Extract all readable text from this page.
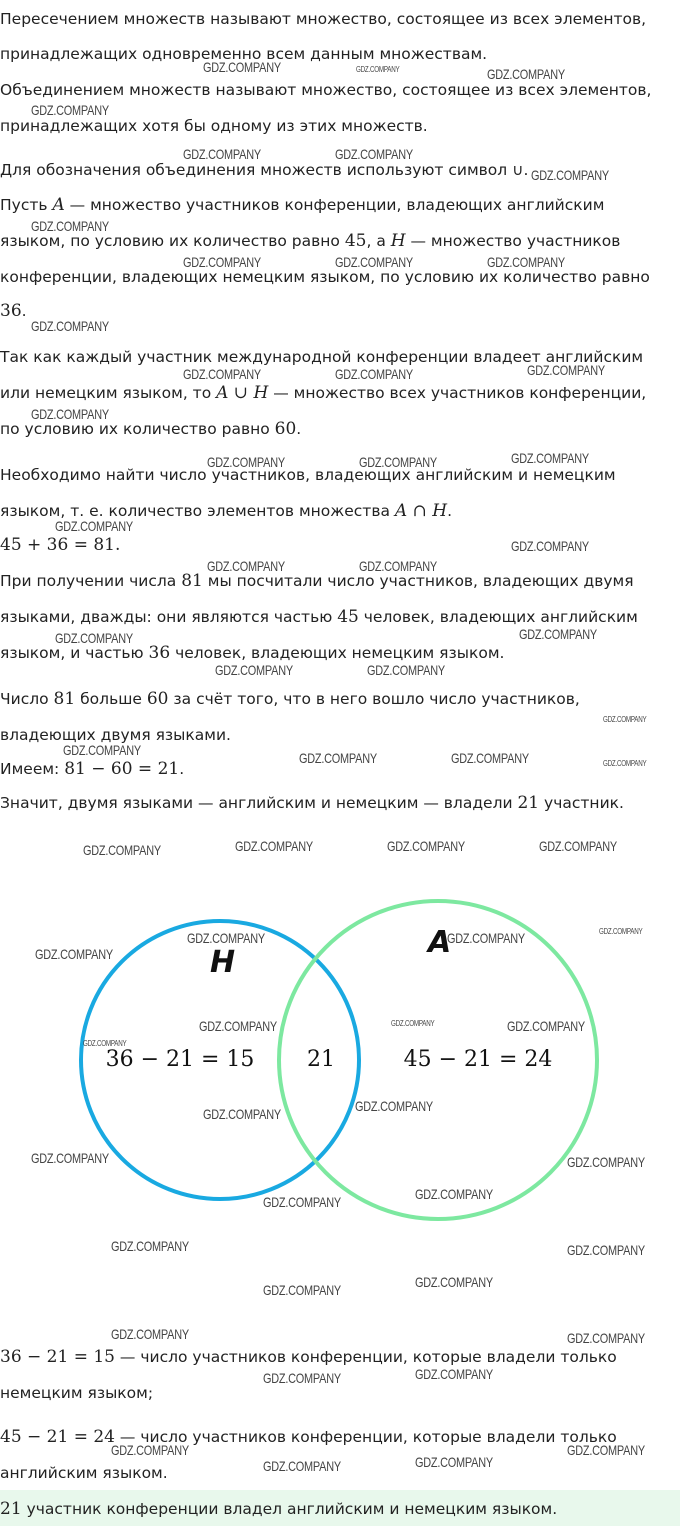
Пересечением множеств называют множество, состоящее из всех элементов,
принадлежащих одновременно всем данным множествам.
Объединением множеств называют множество, состоящее из всех элементов,
принадлежащих хотя бы одному из этих множеств.
Для обозначения объединения множеств используют символ ∪.
Пусть A — множество участников конференции, владеющих английским
языком, по условию их количество равно 45, а H — множество участников
конференции, владеющих немецким языком, по условию их количество равно
36.
Так как каждый участник международной конференции владеет английским
или немецким языком, то A ∪ H — множество всех участников конференции,
по условию их количество равно 60.
Необходимо найти число участников, владеющих английским и немецким
языком, т. е. количество элементов множества A ∩ H.
45 + 36 = 81.
При получении числа 81 мы посчитали число участников, владеющих двумя
языками, дважды: они являются частью 45 человек, владеющих английским
языком, и частью 36 человек, владеющих немецким языком.
Число 81 больше 60 за счёт того, что в него вошло число участников,
владеющих двумя языками.
Имеем: 81 − 60 = 21.
Значит, двумя языками — английским и немецким — владели 21 участник.
H
A
36 − 21 = 15 21	45 − 21 = 24
36 − 21 = 15 — число участников конференции, которые владели только
немецким языком;
45 − 21 = 24 — число участников конференции, которые владели только
английским языком.
21 участник конференции владел английским и немецким языком.
GDZ.COMPANY	GDZ.COMPANY	GDZ.COMPANY
GDZ.COMPANY
GDZ.COMPANY	GDZ.COMPANY
GDZ.COMPANY
GDZ.COMPANY
GDZ.COMPANY	GDZ.COMPANY	GDZ.COMPANY
GDZ.COMPANY
GDZ.COMPANY
GDZ.COMPANY	GDZ.COMPANY
GDZ.COMPANY
GDZ.COMPANY
GDZ.COMPANY	GDZ.COMPANY
GDZ.COMPANY
GDZ.COMPANY
GDZ.COMPANY	GDZ.COMPANY
GDZ.COMPANY
GDZ.COMPANY
GDZ.COMPANY	GDZ.COMPANY
GDZ.COMPANY
GDZ.COMPANY	GDZ.COMPANY	GDZ.COMPANY	GDZ.COMPANY
GDZ.COMPANY	GDZ.COMPANY	GDZ.COMPANY
GDZ.COMPANY
GDZ.COMPANY
GDZ.COMPANY	GDZ.COMPANY
GDZ.COMPANY
GDZ.COMPANY	GDZ.COMPANY	GDZ.COMPANY
GDZ.COMPANY
GDZ.COMPANY
GDZ.COMPANY
GDZ.COMPANY	GDZ.COMPANY
GDZ.COMPANY
GDZ.COMPANY
GDZ.COMPANY	GDZ.COMPANY
GDZ.COMPANY
GDZ.COMPANY
GDZ.COMPANY	GDZ.COMPANY
GDZ.COMPANY
GDZ.COMPANY
GDZ.COMPANY	GDZ.COMPANY
GDZ.COMPANY
GDZ.COMPANY
